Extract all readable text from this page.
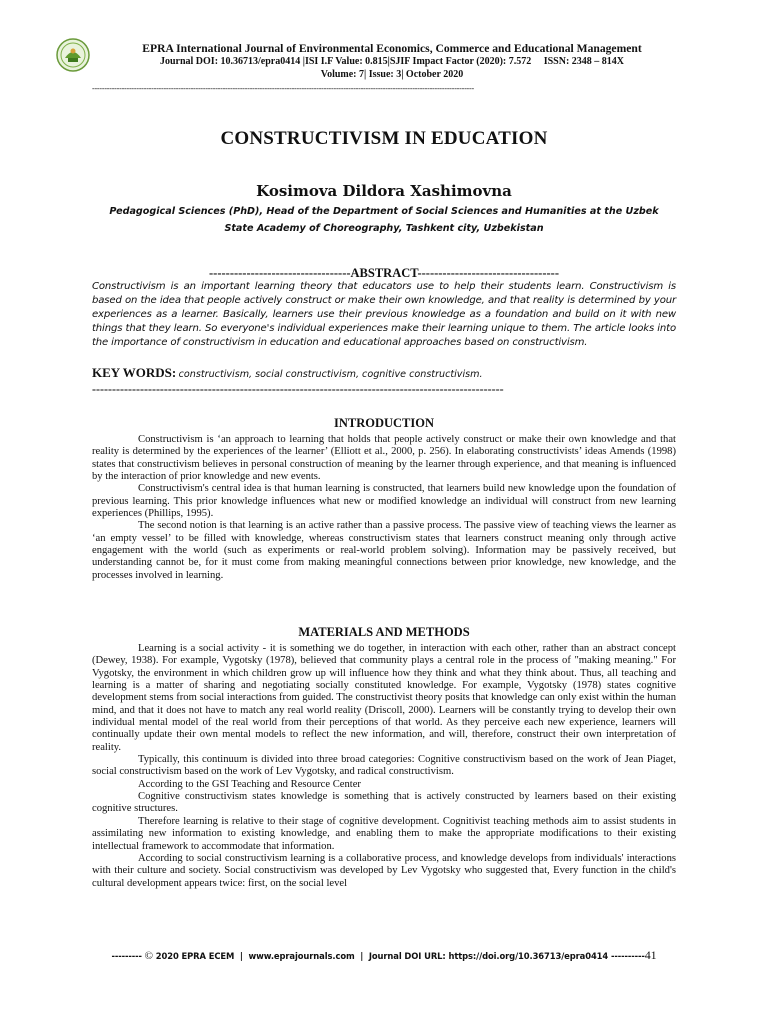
EPRA International Journal of Environmental Economics, Commerce and Educational Management
Journal DOI: 10.36713/epra0414 |ISI I.F Value: 0.815|SJIF Impact Factor (2020): 7.572     ISSN: 2348 – 814X
Volume: 7| Issue: 3| October 2020
-----------------------------------------------------------------------------------------------------------------------------------------------------------
CONSTRUCTIVISM IN EDUCATION
Kosimova Dildora Xashimovna
Pedagogical Sciences (PhD), Head of the Department of Social Sciences and Humanities at the Uzbek State Academy of Choreography, Tashkent city, Uzbekistan
----------------------------------ABSTRACT----------------------------------
Constructivism is an important learning theory that educators use to help their students learn. Constructivism is based on the idea that people actively construct or make their own knowledge, and that reality is determined by your experiences as a learner. Basically, learners use their previous knowledge as a foundation and build on it with new things that they learn. So everyone's individual experiences make their learning unique to them. The article looks into the importance of constructivism in education and educational approaches based on constructivism.
KEY WORDS: constructivism, social constructivism, cognitive constructivism.
-------------------------------------------------------------------------------------------------------
INTRODUCTION

Constructivism is ‘an approach to learning that holds that people actively construct or make their own knowledge and that reality is determined by the experiences of the learner’ (Elliott et al., 2000, p. 256). In elaborating constructivists’ ideas Amends (1998) states that constructivism believes in personal construction of meaning by the learner through experience, and that meaning is influenced by the interaction of prior knowledge and new events.

Constructivism's central idea is that human learning is constructed, that learners build new knowledge upon the foundation of previous learning. This prior knowledge influences what new or modified knowledge an individual will construct from new learning experiences (Phillips, 1995).

The second notion is that learning is an active rather than a passive process. The passive view of teaching views the learner as ‘an empty vessel’ to be filled with knowledge, whereas constructivism states that learners construct meaning only through active engagement with the world (such as experiments or real-world problem solving). Information may be passively received, but understanding cannot be, for it must come from making meaningful connections between prior knowledge, new knowledge, and the processes involved in learning.

MATERIALS AND METHODS

Learning is a social activity - it is something we do together, in interaction with each other, rather than an abstract concept (Dewey, 1938). For example, Vygotsky (1978), believed that community plays a central role in the process of "making meaning." For Vygotsky, the environment in which children grow up will influence how they think and what they think about. Thus, all teaching and learning is a matter of sharing and negotiating socially constituted knowledge. For example, Vygotsky (1978) states cognitive development stems from social interactions from guided. The constructivist theory posits that knowledge can only exist within the human mind, and that it does not have to match any real world reality (Driscoll, 2000). Learners will be constantly trying to develop their own individual mental model of the real world from their perceptions of that world. As they perceive each new experience, learners will continually update their own mental models to reflect the new information, and will, therefore, construct their own interpretation of reality.

Typically, this continuum is divided into three broad categories: Cognitive constructivism based on the work of Jean Piaget, social constructivism based on the work of Lev Vygotsky, and radical constructivism.

According to the GSI Teaching and Resource Center

Cognitive constructivism states knowledge is something that is actively constructed by learners based on their existing cognitive structures.

Therefore learning is relative to their stage of cognitive development. Cognitivist teaching methods aim to assist students in assimilating new information to existing knowledge, and enabling them to make the appropriate modifications to their existing intellectual framework to accommodate that information.

According to social constructivism learning is a collaborative process, and knowledge develops from individuals' interactions with their culture and society. Social constructivism was developed by Lev Vygotsky who suggested that, Every function in the child's cultural development appears twice: first, on the social level

--------- © 2020 EPRA ECEM | www.eprajournals.com | Journal DOI URL: https://doi.org/10.36713/epra0414 ----------41
